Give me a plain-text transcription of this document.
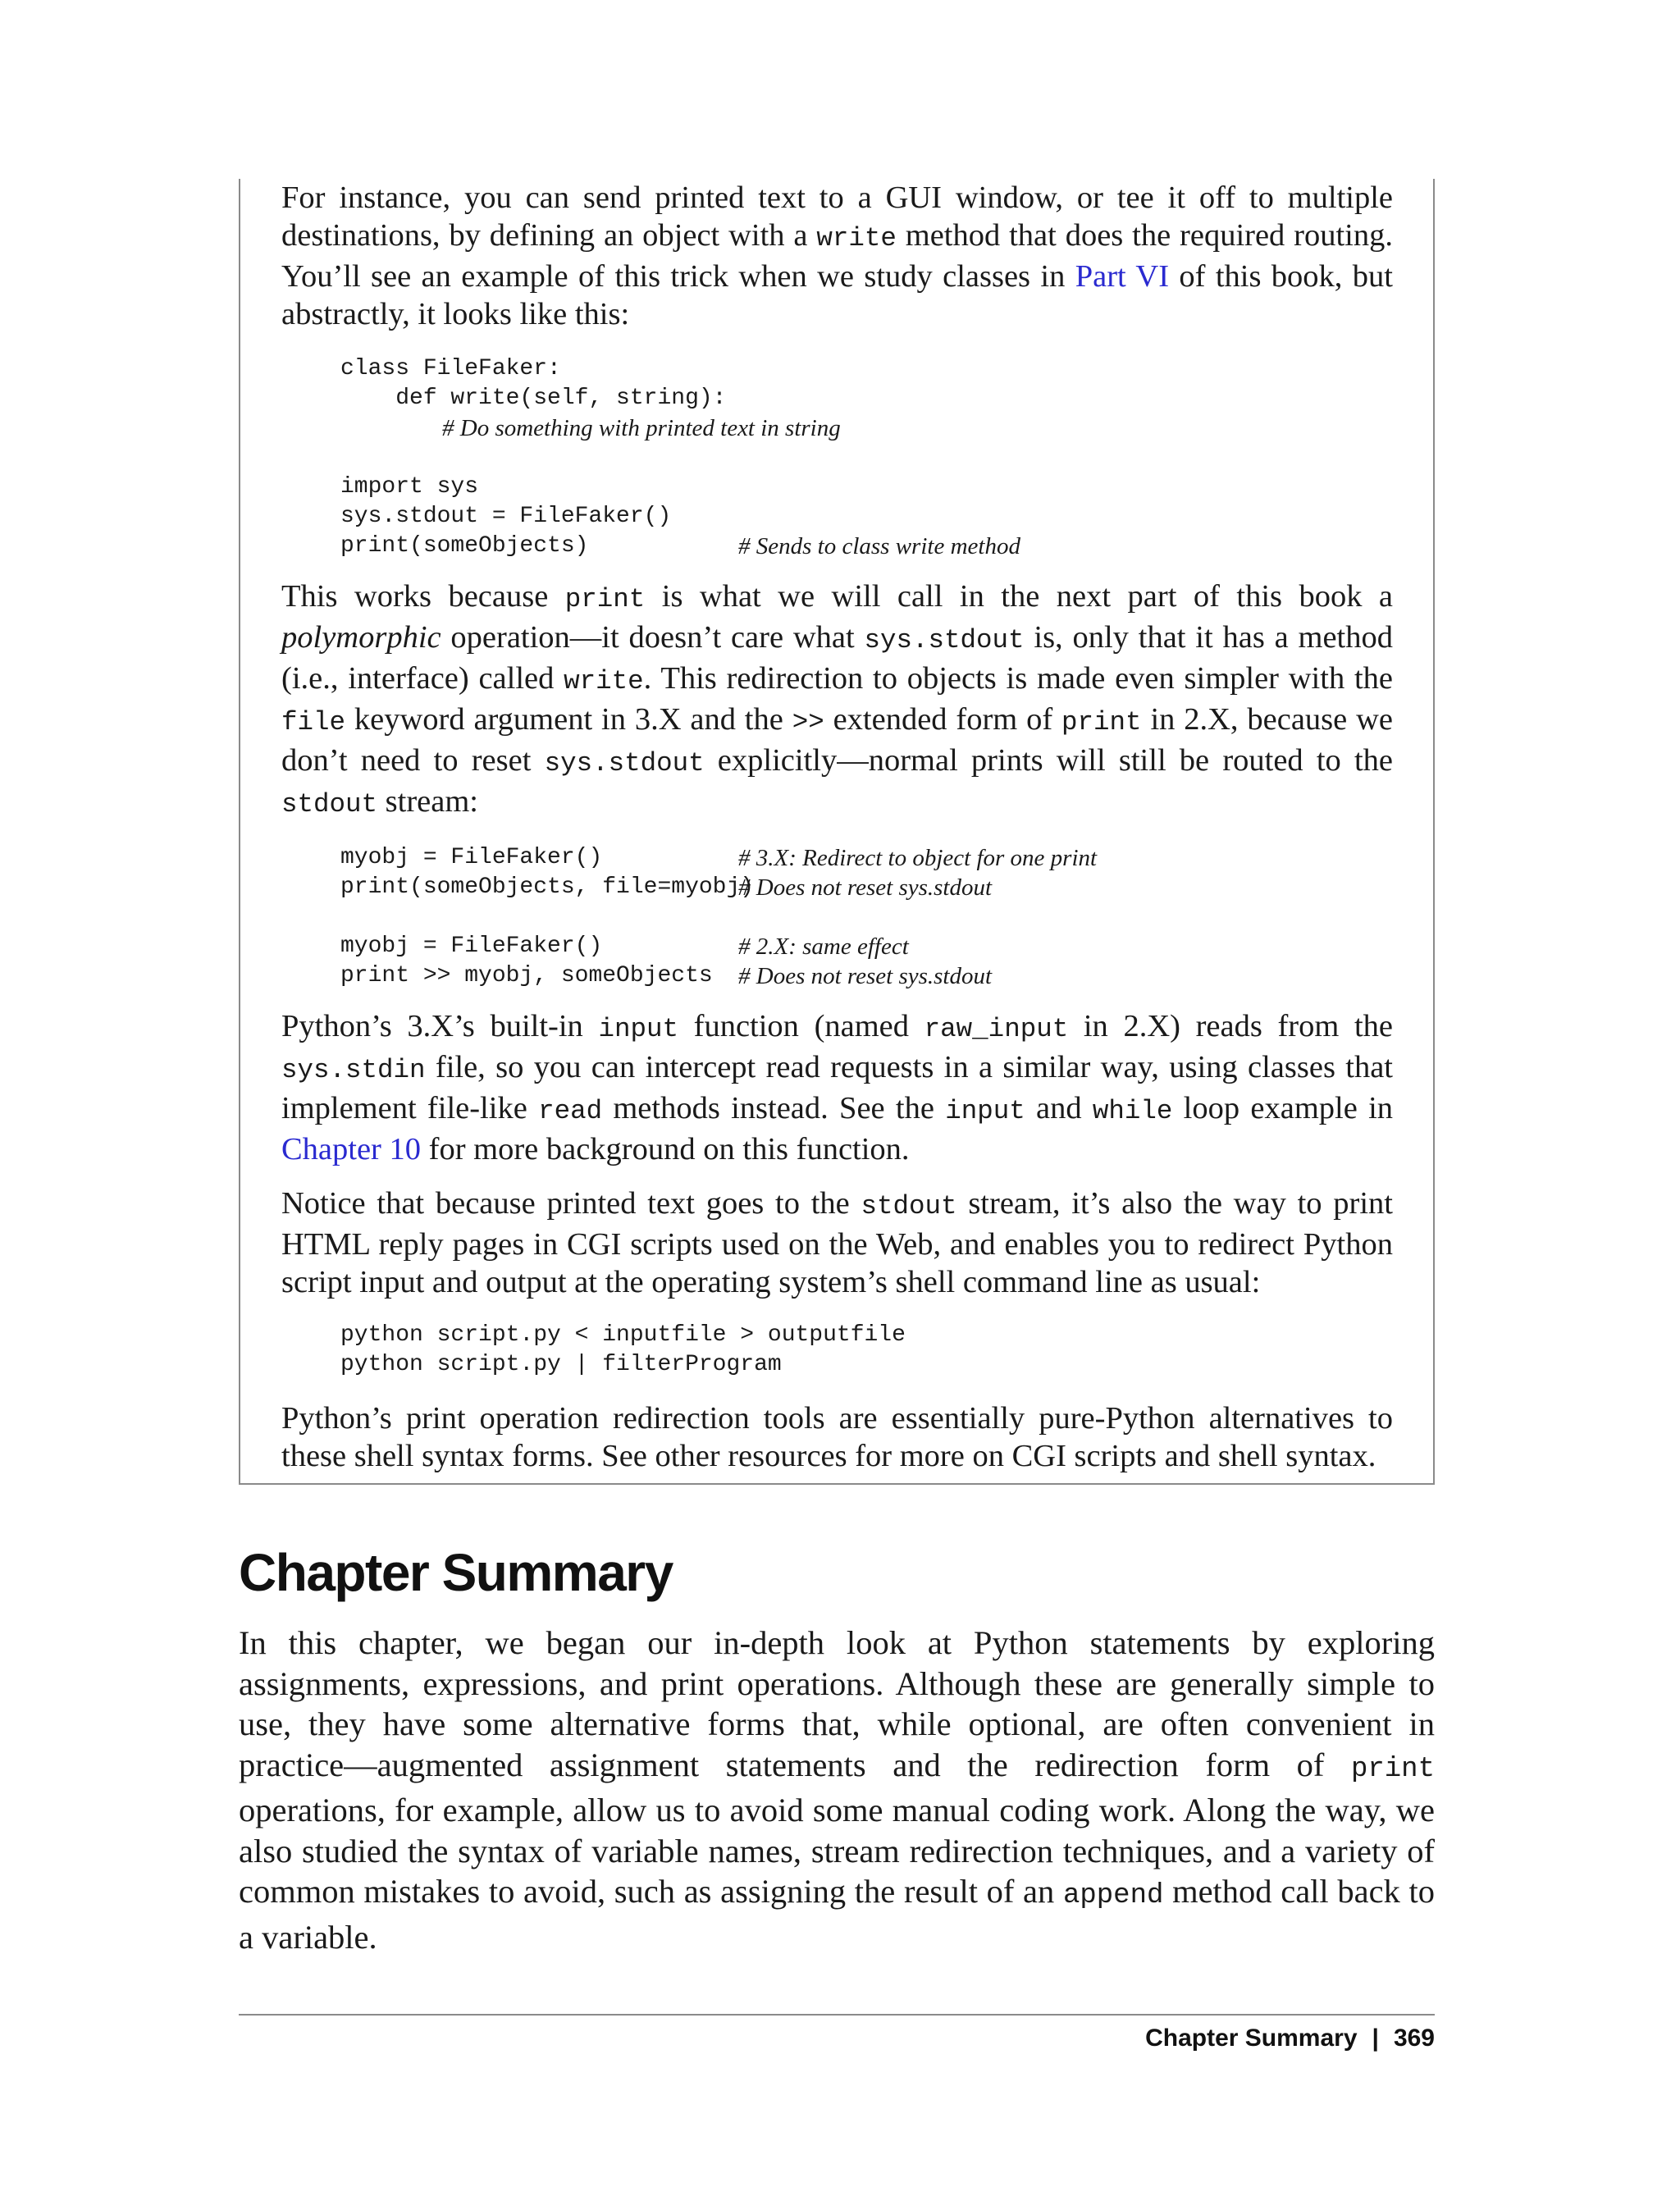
For instance, you can send printed text to a GUI window, or tee it off to multiple destinations, by defining an object with a write method that does the required routing. You’ll see an example of this trick when we study classes in Part VI of this book, but abstractly, it looks like this:

class FileFaker:

def write(self, string):

# Do something with printed text in string

import sys

sys.stdout = FileFaker()

print(someObjects)

	# Sends to class write method

This works because print is what we will call in the next part of this book a polymorphic operation—it doesn’t care what sys.stdout is, only that it has a method (i.e., interface) called write. This redirection to objects is made even simpler with the file keyword argument in 3.X and the >> extended form of print in 2.X, because we don’t need to reset sys.stdout explicitly—normal prints will still be routed to the stdout stream:

myobj = FileFaker()

	# 3.X: Redirect to object for one print

print(someObjects, file=myobj)

# Does not reset sys.stdout

myobj = FileFaker()

	# 2.X: same effect

print >> myobj, someObjects

# Does not reset sys.stdout

Python’s 3.X’s built-in input function (named raw_input in 2.X) reads from the sys.stdin file, so you can intercept read requests in a similar way, using classes that implement file-like read methods instead. See the input and while loop example in Chapter 10 for more background on this function.

Notice that because printed text goes to the stdout stream, it’s also the way to print HTML reply pages in CGI scripts used on the Web, and enables you to redirect Python script input and output at the operating system’s shell command line as usual:

python script.py < inputfile > outputfile

python script.py | filterProgram

Python’s print operation redirection tools are essentially pure-Python alternatives to these shell syntax forms. See other resources for more on CGI scripts and shell syntax.

Chapter Summary

In this chapter, we began our in-depth look at Python statements by exploring assignments, expressions, and print operations. Although these are generally simple to use, they have some alternative forms that, while optional, are often convenient in practice—augmented assignment statements and the redirection form of print operations, for example, allow us to avoid some manual coding work. Along the way, we also studied the syntax of variable names, stream redirection techniques, and a variety of common mistakes to avoid, such as assigning the result of an append method call back to a variable.

Chapter Summary | 369
